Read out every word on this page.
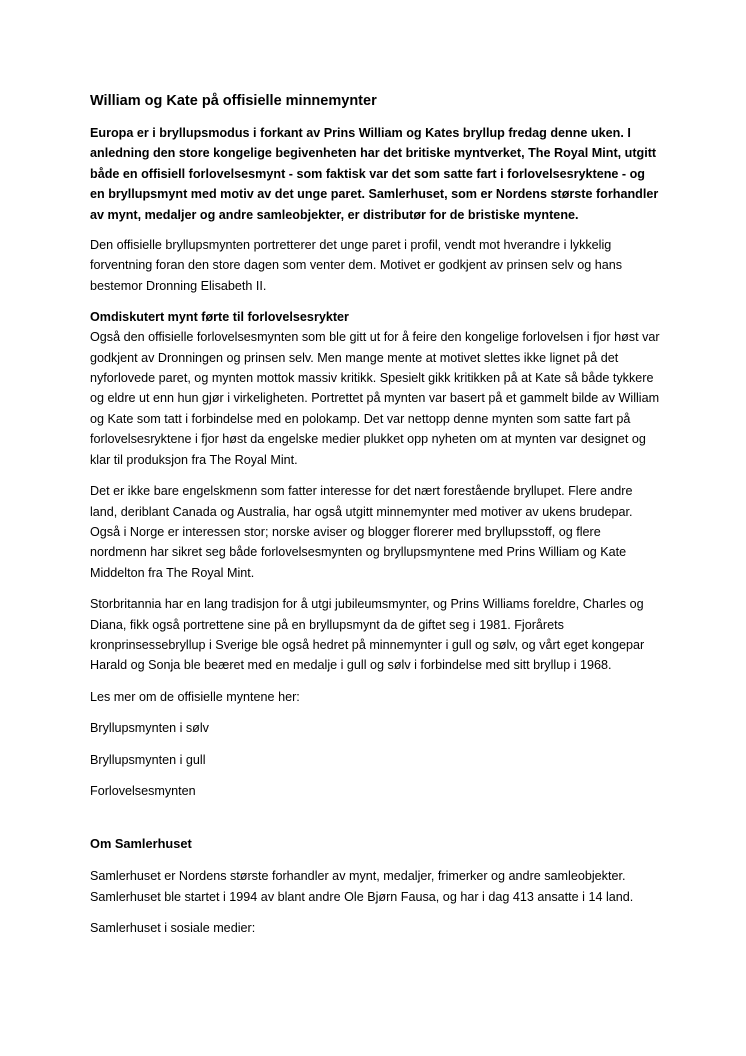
William og Kate på offisielle minnemynter

Europa er i bryllupsmodus i forkant av Prins William og Kates bryllup fredag denne uken. I anledning den store kongelige begivenheten har det britiske myntverket, The Royal Mint, utgitt både en offisiell forlovelsesmynt - som faktisk var det som satte fart i forlovelsesryktene - og en bryllupsmynt med motiv av det unge paret. Samlerhuset, som er Nordens største forhandler av mynt, medaljer og andre samleobjekter, er distributør for de bristiske myntene.

Den offisielle bryllupsmynten portretterer det unge paret i profil, vendt mot hverandre i lykkelig forventning foran den store dagen som venter dem. Motivet er godkjent av prinsen selv og hans bestemor Dronning Elisabeth II.

Omdiskutert mynt førte til forlovelsesrykter

Også den offisielle forlovelsesmynten som ble gitt ut for å feire den kongelige forlovelsen i fjor høst var godkjent av Dronningen og prinsen selv. Men mange mente at motivet slettes ikke lignet på det nyforlovede paret, og mynten mottok massiv kritikk. Spesielt gikk kritikken på at Kate så både tykkere og eldre ut enn hun gjør i virkeligheten. Portrettet på mynten var basert på et gammelt bilde av William og Kate som tatt i forbindelse med en polokamp. Det var nettopp denne mynten som satte fart på forlovelsesryktene i fjor høst da engelske medier plukket opp nyheten om at mynten var designet og klar til produksjon fra The Royal Mint.

Det er ikke bare engelskmenn som fatter interesse for det nært forestående bryllupet. Flere andre land, deriblant Canada og Australia, har også utgitt minnemynter med motiver av ukens brudepar. Også i Norge er interessen stor; norske aviser og blogger florerer med bryllupsstoff, og flere nordmenn har sikret seg både forlovelsesmynten og bryllupsmyntene med Prins William og Kate Middelton fra The Royal Mint.

Storbritannia har en lang tradisjon for å utgi jubileumsmynter, og Prins Williams foreldre, Charles og Diana, fikk også portrettene sine på en bryllupsmynt da de giftet seg i 1981. Fjorårets kronprinsessebryllup i Sverige ble også hedret på minnemynter i gull og sølv, og vårt eget kongepar Harald og Sonja ble beæret med en medalje i gull og sølv i forbindelse med sitt bryllup i 1968.

Les mer om de offisielle myntene her:

Bryllupsmynten i sølv

Bryllupsmynten i gull

Forlovelsesmynten

Om Samlerhuset

Samlerhuset er Nordens største forhandler av mynt, medaljer, frimerker og andre samleobjekter. Samlerhuset ble startet i 1994 av blant andre Ole Bjørn Fausa, og har i dag 413 ansatte i 14 land.

Samlerhuset i sosiale medier:
